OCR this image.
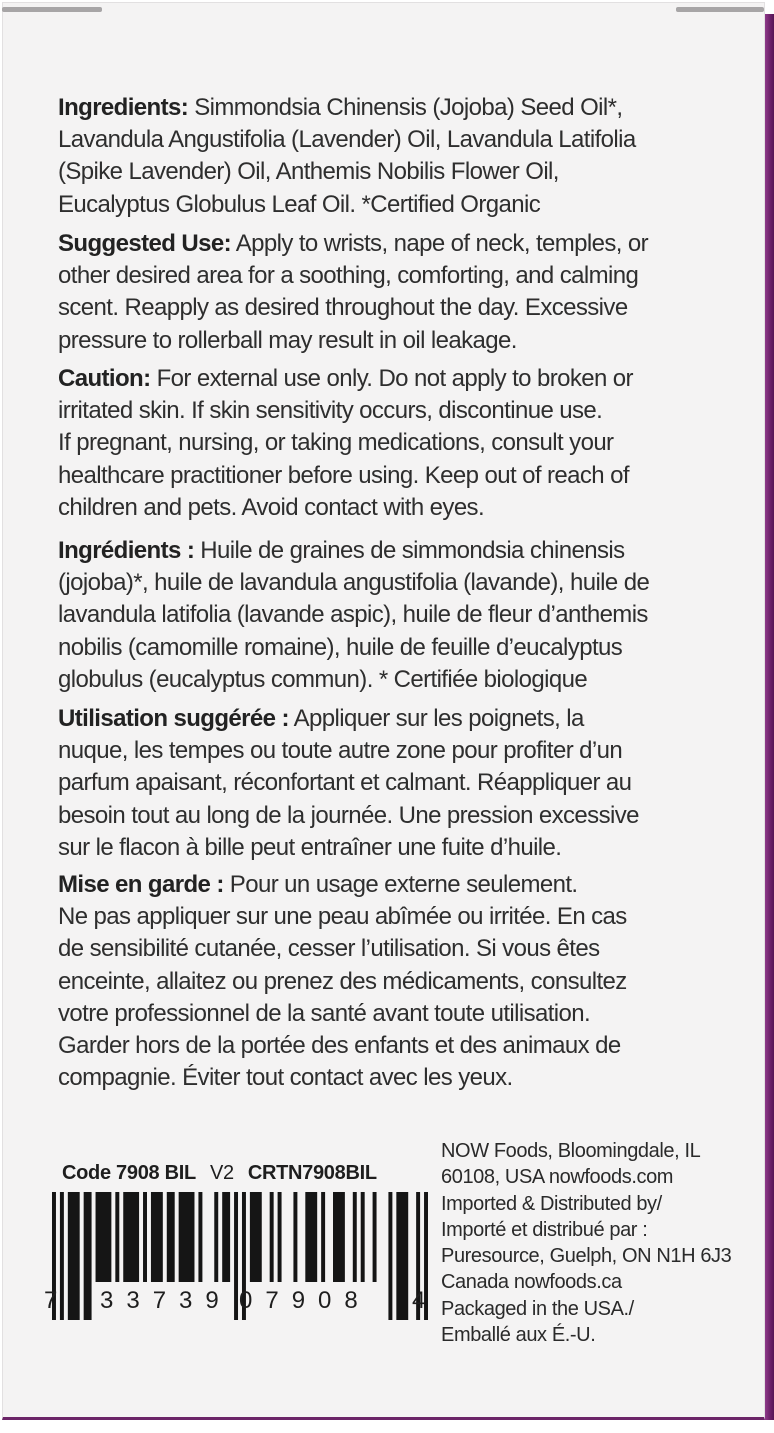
Ingredients: Simmondsia Chinensis (Jojoba) Seed Oil*,
Lavandula Angustifolia (Lavender) Oil, Lavandula Latifolia
(Spike Lavender) Oil, Anthemis Nobilis Flower Oil,
Eucalyptus Globulus Leaf Oil. *Certified Organic
Suggested Use: Apply to wrists, nape of neck, temples, or
other desired area for a soothing, comforting, and calming
scent. Reapply as desired throughout the day. Excessive
pressure to rollerball may result in oil leakage.
Caution: For external use only. Do not apply to broken or
irritated skin. If skin sensitivity occurs, discontinue use.
If pregnant, nursing, or taking medications, consult your
healthcare practitioner before using. Keep out of reach of
children and pets. Avoid contact with eyes.
Ingrédients : Huile de graines de simmondsia chinensis
(jojoba)*, huile de lavandula angustifolia (lavande), huile de
lavandula latifolia (lavande aspic), huile de fleur d’anthemis
nobilis (camomille romaine), huile de feuille d’eucalyptus
globulus (eucalyptus commun). * Certifiée biologique
Utilisation suggérée : Appliquer sur les poignets, la
nuque, les tempes ou toute autre zone pour profiter d’un
parfum apaisant, réconfortant et calmant. Réappliquer au
besoin tout au long de la journée. Une pression excessive
sur le flacon à bille peut entraîner une fuite d’huile.
Mise en garde : Pour un usage externe seulement.
Ne pas appliquer sur une peau abîmée ou irritée. En cas
de sensibilité cutanée, cesser l’utilisation. Si vous êtes
enceinte, allaitez ou prenez des médicaments, consultez
votre professionnel de la santé avant toute utilisation.
Garder hors de la portée des enfants et des animaux de
compagnie. Éviter tout contact avec les yeux.
Code 7908 BIL V2 CRTN7908BIL
7 33739 07908 4
NOW Foods, Bloomingdale, IL
60108, USA nowfoods.com
Imported & Distributed by/
Importé et distribué par :
Puresource, Guelph, ON N1H 6J3
Canada nowfoods.ca
Packaged in the USA./
Emballé aux É.-U.
